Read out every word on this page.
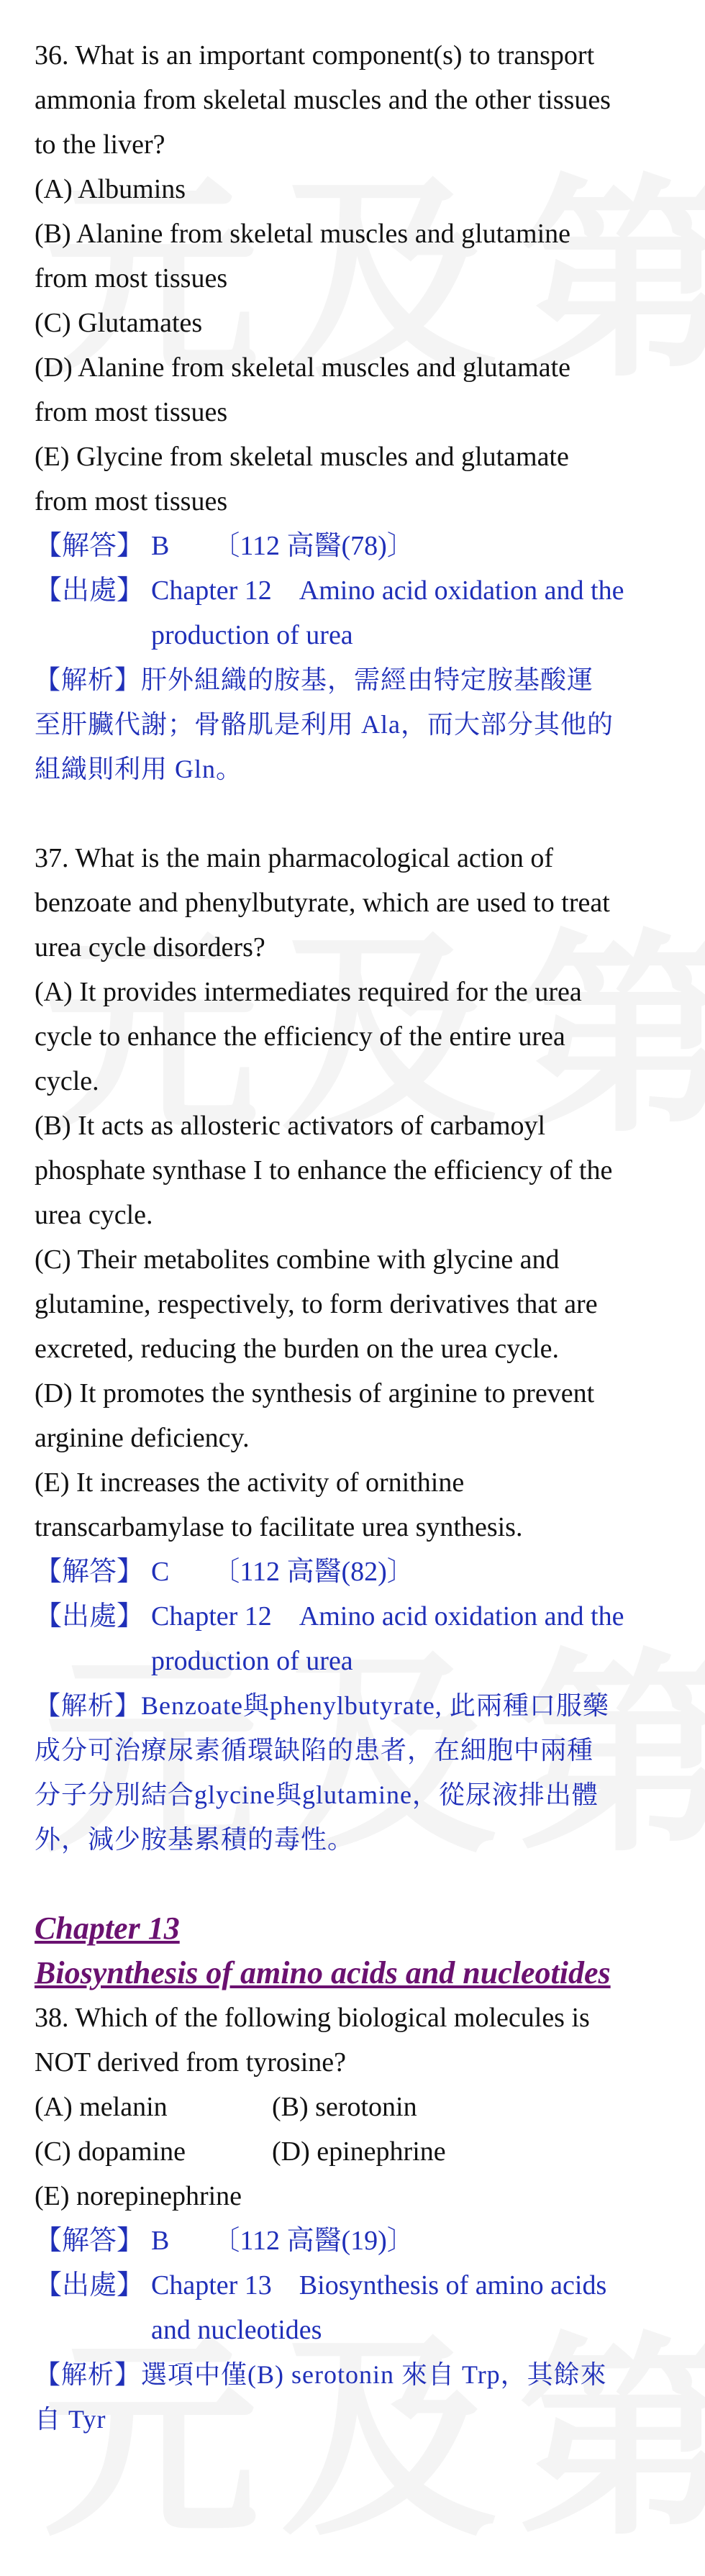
36. What is an important component(s) to transport

ammonia from skeletal muscles and the other tissues

to the liver?

(A) Albumins

(B) Alanine from skeletal muscles and glutamine

from most tissues

(C) Glutamates

(D) Alanine from skeletal muscles and glutamate

from most tissues

(E) Glycine from skeletal muscles and glutamate

from most tissues

【解答】 B 〔112 高醫(78)〕
【出處】 Chapter 12　Amino acid oxidation and the
production of urea

【解析】肝外組織的胺基，需經由特定胺基酸運

至肝臟代謝；骨骼肌是利用 Ala，而大部分其他的

組織則利用 Gln。

37. What is the main pharmacological action of

benzoate and phenylbutyrate, which are used to treat

urea cycle disorders?

(A) It provides intermediates required for the urea

cycle to enhance the efficiency of the entire urea

cycle.

(B) It acts as allosteric activators of carbamoyl

phosphate synthase I to enhance the efficiency of the

urea cycle.

(C) Their metabolites combine with glycine and

glutamine, respectively, to form derivatives that are

excreted, reducing the burden on the urea cycle.

(D) It promotes the synthesis of arginine to prevent

arginine deficiency.

(E) It increases the activity of ornithine

transcarbamylase to facilitate urea synthesis.

【解答】 C 〔112 高醫(82)〕
【出處】 Chapter 12　Amino acid oxidation and the
production of urea

【解析】Benzoate與phenylbutyrate, 此兩種口服藥

成分可治療尿素循環缺陷的患者，在細胞中兩種

分子分別結合glycine與glutamine，從尿液排出體

外，減少胺基累積的毒性。

Chapter 13
Biosynthesis of amino acids and nucleotides

38. Which of the following biological molecules is

NOT derived from tyrosine?

(A) melanin	(B) serotonin
(C) dopamine	(D) epinephrine

(E) norepinephrine

【解答】 B 〔112 高醫(19)〕
【出處】 Chapter 13　Biosynthesis of amino acids
and nucleotides

【解析】選項中僅(B) serotonin 來自 Trp，其餘來

自 Tyr
